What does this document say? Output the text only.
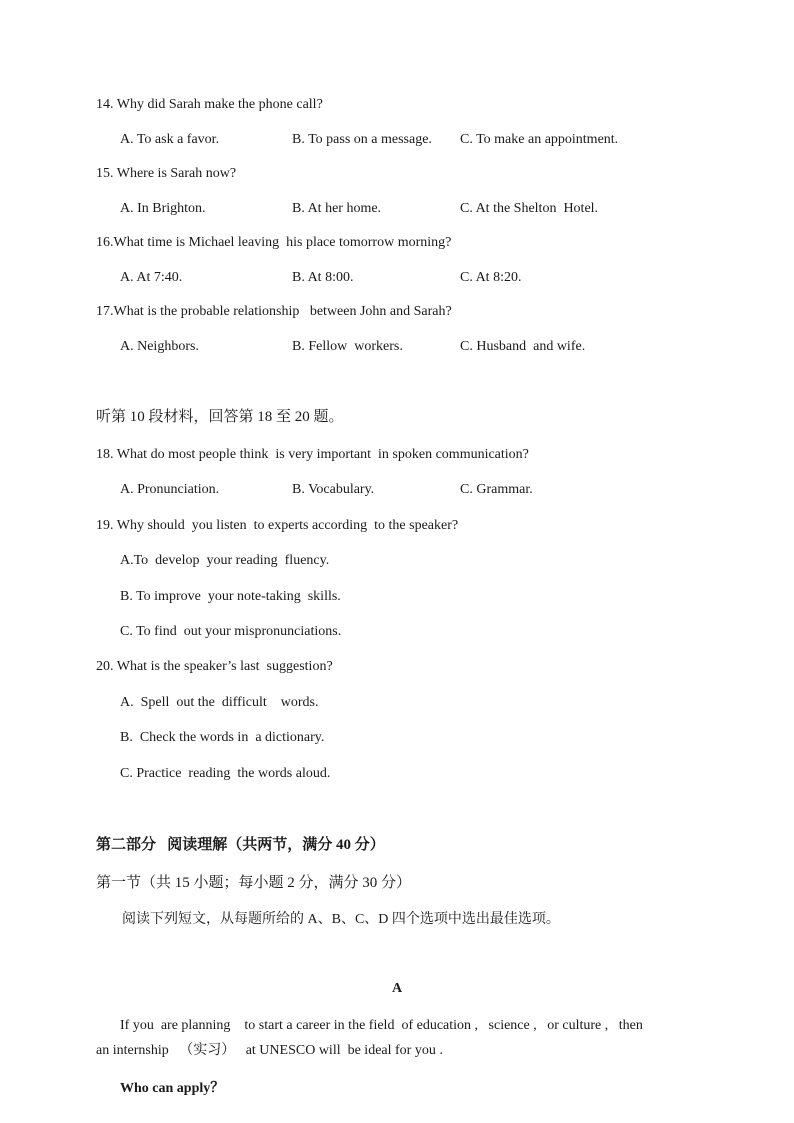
14. Why did Sarah make the phone call?
A. To ask a favor.	B. To pass on a message. C. To make an appointment.
15. Where is Sarah now?
A. In Brighton.	B. At her home.	C. At the Shelton  Hotel.
16.What time is Michael leaving  his place tomorrow morning?
A. At 7:40.	B. At 8:00.	C. At 8:20.
17.What is the probable relationship   between John and Sarah?
A. Neighbors.	B. Fellow  workers.	C. Husband  and wife.
听第 10 段材料，回答第 18 至 20 题。
18. What do most people think  is very important  in spoken communication?
A. Pronunciation.	B. Vocabulary.	C. Grammar.
19. Why should  you listen  to experts according  to the speaker?
A.To  develop  your reading  fluency.
B. To improve  your note-taking  skills.
C. To find  out your mispronunciations.
20. What is the speaker’s last  suggestion?
A.  Spell  out the  difficult    words.
B.  Check the words in  a dictionary.
C. Practice  reading  the words aloud.
第二部分   阅读理解（共两节，满分 40 分）
第一节（共 15 小题；每小题 2 分，满分 30 分）
阅读下列短文，从每题所给的 A、B、C、D 四个选项中选出最佳选项。
A
If you  are planning    to start a career in the field  of education ,   science ,   or culture ,   then
an internship   （实习）   at UNESCO will  be ideal for you .
Who can apply？
